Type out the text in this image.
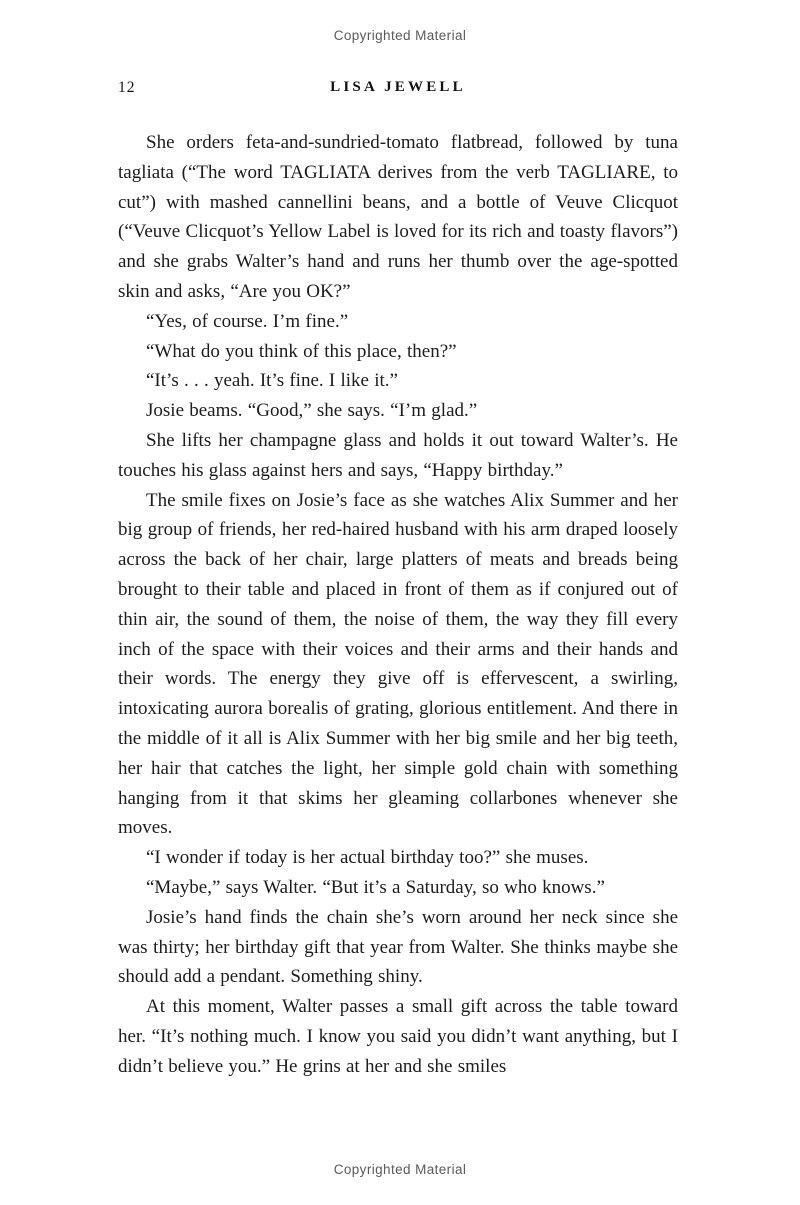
Copyrighted Material
12	LISA JEWELL

She orders feta-and-sundried-tomato flatbread, followed by tuna tagliata (“The word TAGLIATA derives from the verb TAGLIARE, to cut”) with mashed cannellini beans, and a bottle of Veuve Clicquot (“Veuve Clicquot’s Yellow Label is loved for its rich and toasty flavors”) and she grabs Walter’s hand and runs her thumb over the age-spotted skin and asks, “Are you OK?”

“Yes, of course. I’m fine.”

“What do you think of this place, then?”

“It’s . . . yeah. It’s fine. I like it.”

Josie beams. “Good,” she says. “I’m glad.”

She lifts her champagne glass and holds it out toward Walter’s. He touches his glass against hers and says, “Happy birthday.”

The smile fixes on Josie’s face as she watches Alix Summer and her big group of friends, her red-haired husband with his arm draped loosely across the back of her chair, large platters of meats and breads being brought to their table and placed in front of them as if conjured out of thin air, the sound of them, the noise of them, the way they fill every inch of the space with their voices and their arms and their hands and their words. The energy they give off is effervescent, a swirling, intoxicating aurora borealis of grating, glorious entitlement. And there in the middle of it all is Alix Summer with her big smile and her big teeth, her hair that catches the light, her simple gold chain with something hanging from it that skims her gleaming collarbones whenever she moves.

“I wonder if today is her actual birthday too?” she muses.

“Maybe,” says Walter. “But it’s a Saturday, so who knows.”

Josie’s hand finds the chain she’s worn around her neck since she was thirty; her birthday gift that year from Walter. She thinks maybe she should add a pendant. Something shiny.

At this moment, Walter passes a small gift across the table toward her. “It’s nothing much. I know you said you didn’t want anything, but I didn’t believe you.” He grins at her and she smiles

Copyrighted Material
